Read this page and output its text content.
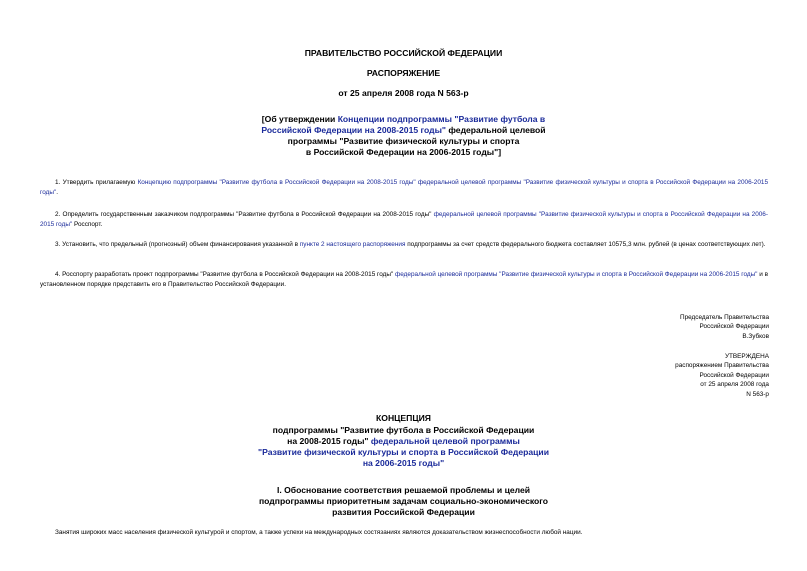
ПРАВИТЕЛЬСТВО РОССИЙСКОЙ ФЕДЕРАЦИИ
РАСПОРЯЖЕНИЕ
от 25 апреля 2008 года N 563-р
[Об утверждении Концепции подпрограммы "Развитие футбола в
Российской Федерации на 2008-2015 годы" федеральной целевой
программы "Развитие физической культуры и спорта
в Российской Федерации на 2006-2015 годы"]
1. Утвердить прилагаемую Концепцию подпрограммы "Развитие футбола в Российской Федерации на 2008-2015 годы" федеральной целевой программы "Развитие физической культуры и спорта в Российской Федерации на 2006-2015 годы".
2. Определить государственным заказчиком подпрограммы "Развитие футбола в Российской Федерации на 2008-2015 годы" федеральной целевой программы "Развитие физической культуры и спорта в Российской Федерации на 2006-2015 годы" Росспорт.
3. Установить, что предельный (прогнозный) объем финансирования указанной в пункте 2 настоящего распоряжения подпрограммы за счет средств федерального бюджета составляет 10575,3 млн. рублей (в ценах соответствующих лет).
4. Росспорту разработать проект подпрограммы "Развитие футбола в Российской Федерации на 2008-2015 годы" федеральной целевой программы "Развитие физической культуры и спорта в Российской Федерации на 2006-2015 годы" и в установленном порядке представить его в Правительство Российской Федерации.
Председатель Правительства
Российской Федерации
В.Зубков
УТВЕРЖДЕНА
распоряжением Правительства
Российской Федерации
от 25 апреля 2008 года
N 563-р
КОНЦЕПЦИЯ
подпрограммы "Развитие футбола в Российской Федерации
на 2008-2015 годы" федеральной целевой программы
"Развитие физической культуры и спорта в Российской Федерации
на 2006-2015 годы"
I. Обоснование соответствия решаемой проблемы и целей
подпрограммы приоритетным задачам социально-экономического
развития Российской Федерации
Занятия широких масс населения физической культурой и спортом, а также успехи на международных состязаниях являются доказательством жизнеспособности любой нации.
